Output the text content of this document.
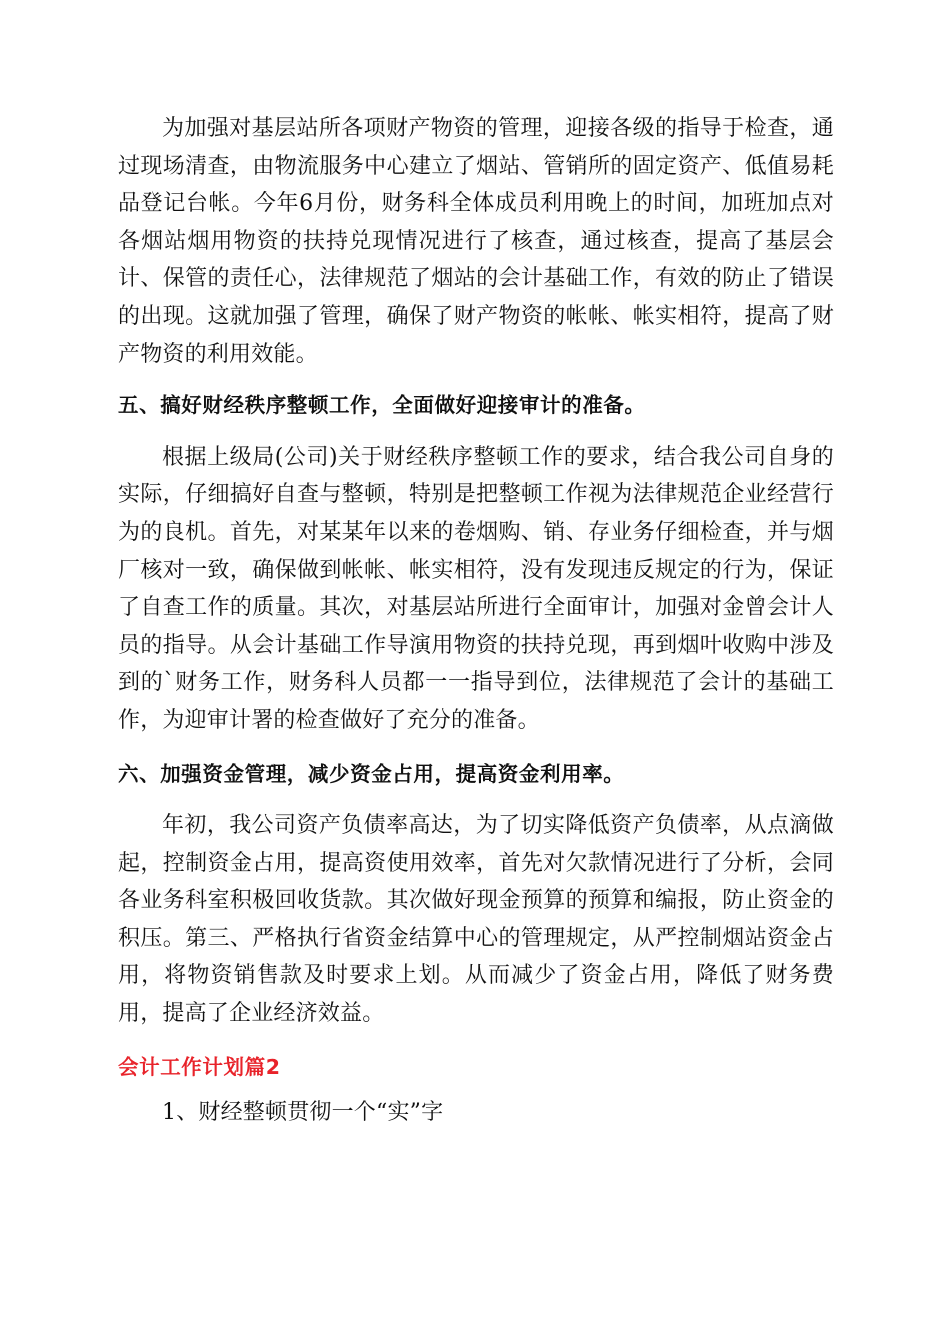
为加强对基层站所各项财产物资的管理，迎接各级的指导于检查，通过现场清查，由物流服务中心建立了烟站、管销所的固定资产、低值易耗品登记台帐。今年6月份，财务科全体成员利用晚上的时间，加班加点对各烟站烟用物资的扶持兑现情况进行了核查，通过核查，提高了基层会计、保管的责任心，法律规范了烟站的会计基础工作，有效的防止了错误的出现。这就加强了管理，确保了财产物资的帐帐、帐实相符，提高了财产物资的利用效能。

五、搞好财经秩序整顿工作，全面做好迎接审计的准备。

根据上级局(公司)关于财经秩序整顿工作的要求，结合我公司自身的实际，仔细搞好自查与整顿，特别是把整顿工作视为法律规范企业经营行为的良机。首先，对某某年以来的卷烟购、销、存业务仔细检查，并与烟厂核对一致，确保做到帐帐、帐实相符，没有发现违反规定的行为，保证了自查工作的质量。其次，对基层站所进行全面审计，加强对金曾会计人员的指导。从会计基础工作导演用物资的扶持兑现，再到烟叶收购中涉及到的`财务工作，财务科人员都一一指导到位，法律规范了会计的基础工作，为迎审计署的检查做好了充分的准备。

六、加强资金管理，减少资金占用，提高资金利用率。

年初，我公司资产负债率高达，为了切实降低资产负债率，从点滴做起，控制资金占用，提高资使用效率，首先对欠款情况进行了分析，会同各业务科室积极回收货款。其次做好现金预算的预算和编报，防止资金的积压。第三、严格执行省资金结算中心的管理规定，从严控制烟站资金占用，将物资销售款及时要求上划。从而减少了资金占用，降低了财务费用，提高了企业经济效益。

会计工作计划篇2

1、财经整顿贯彻一个“实”字
